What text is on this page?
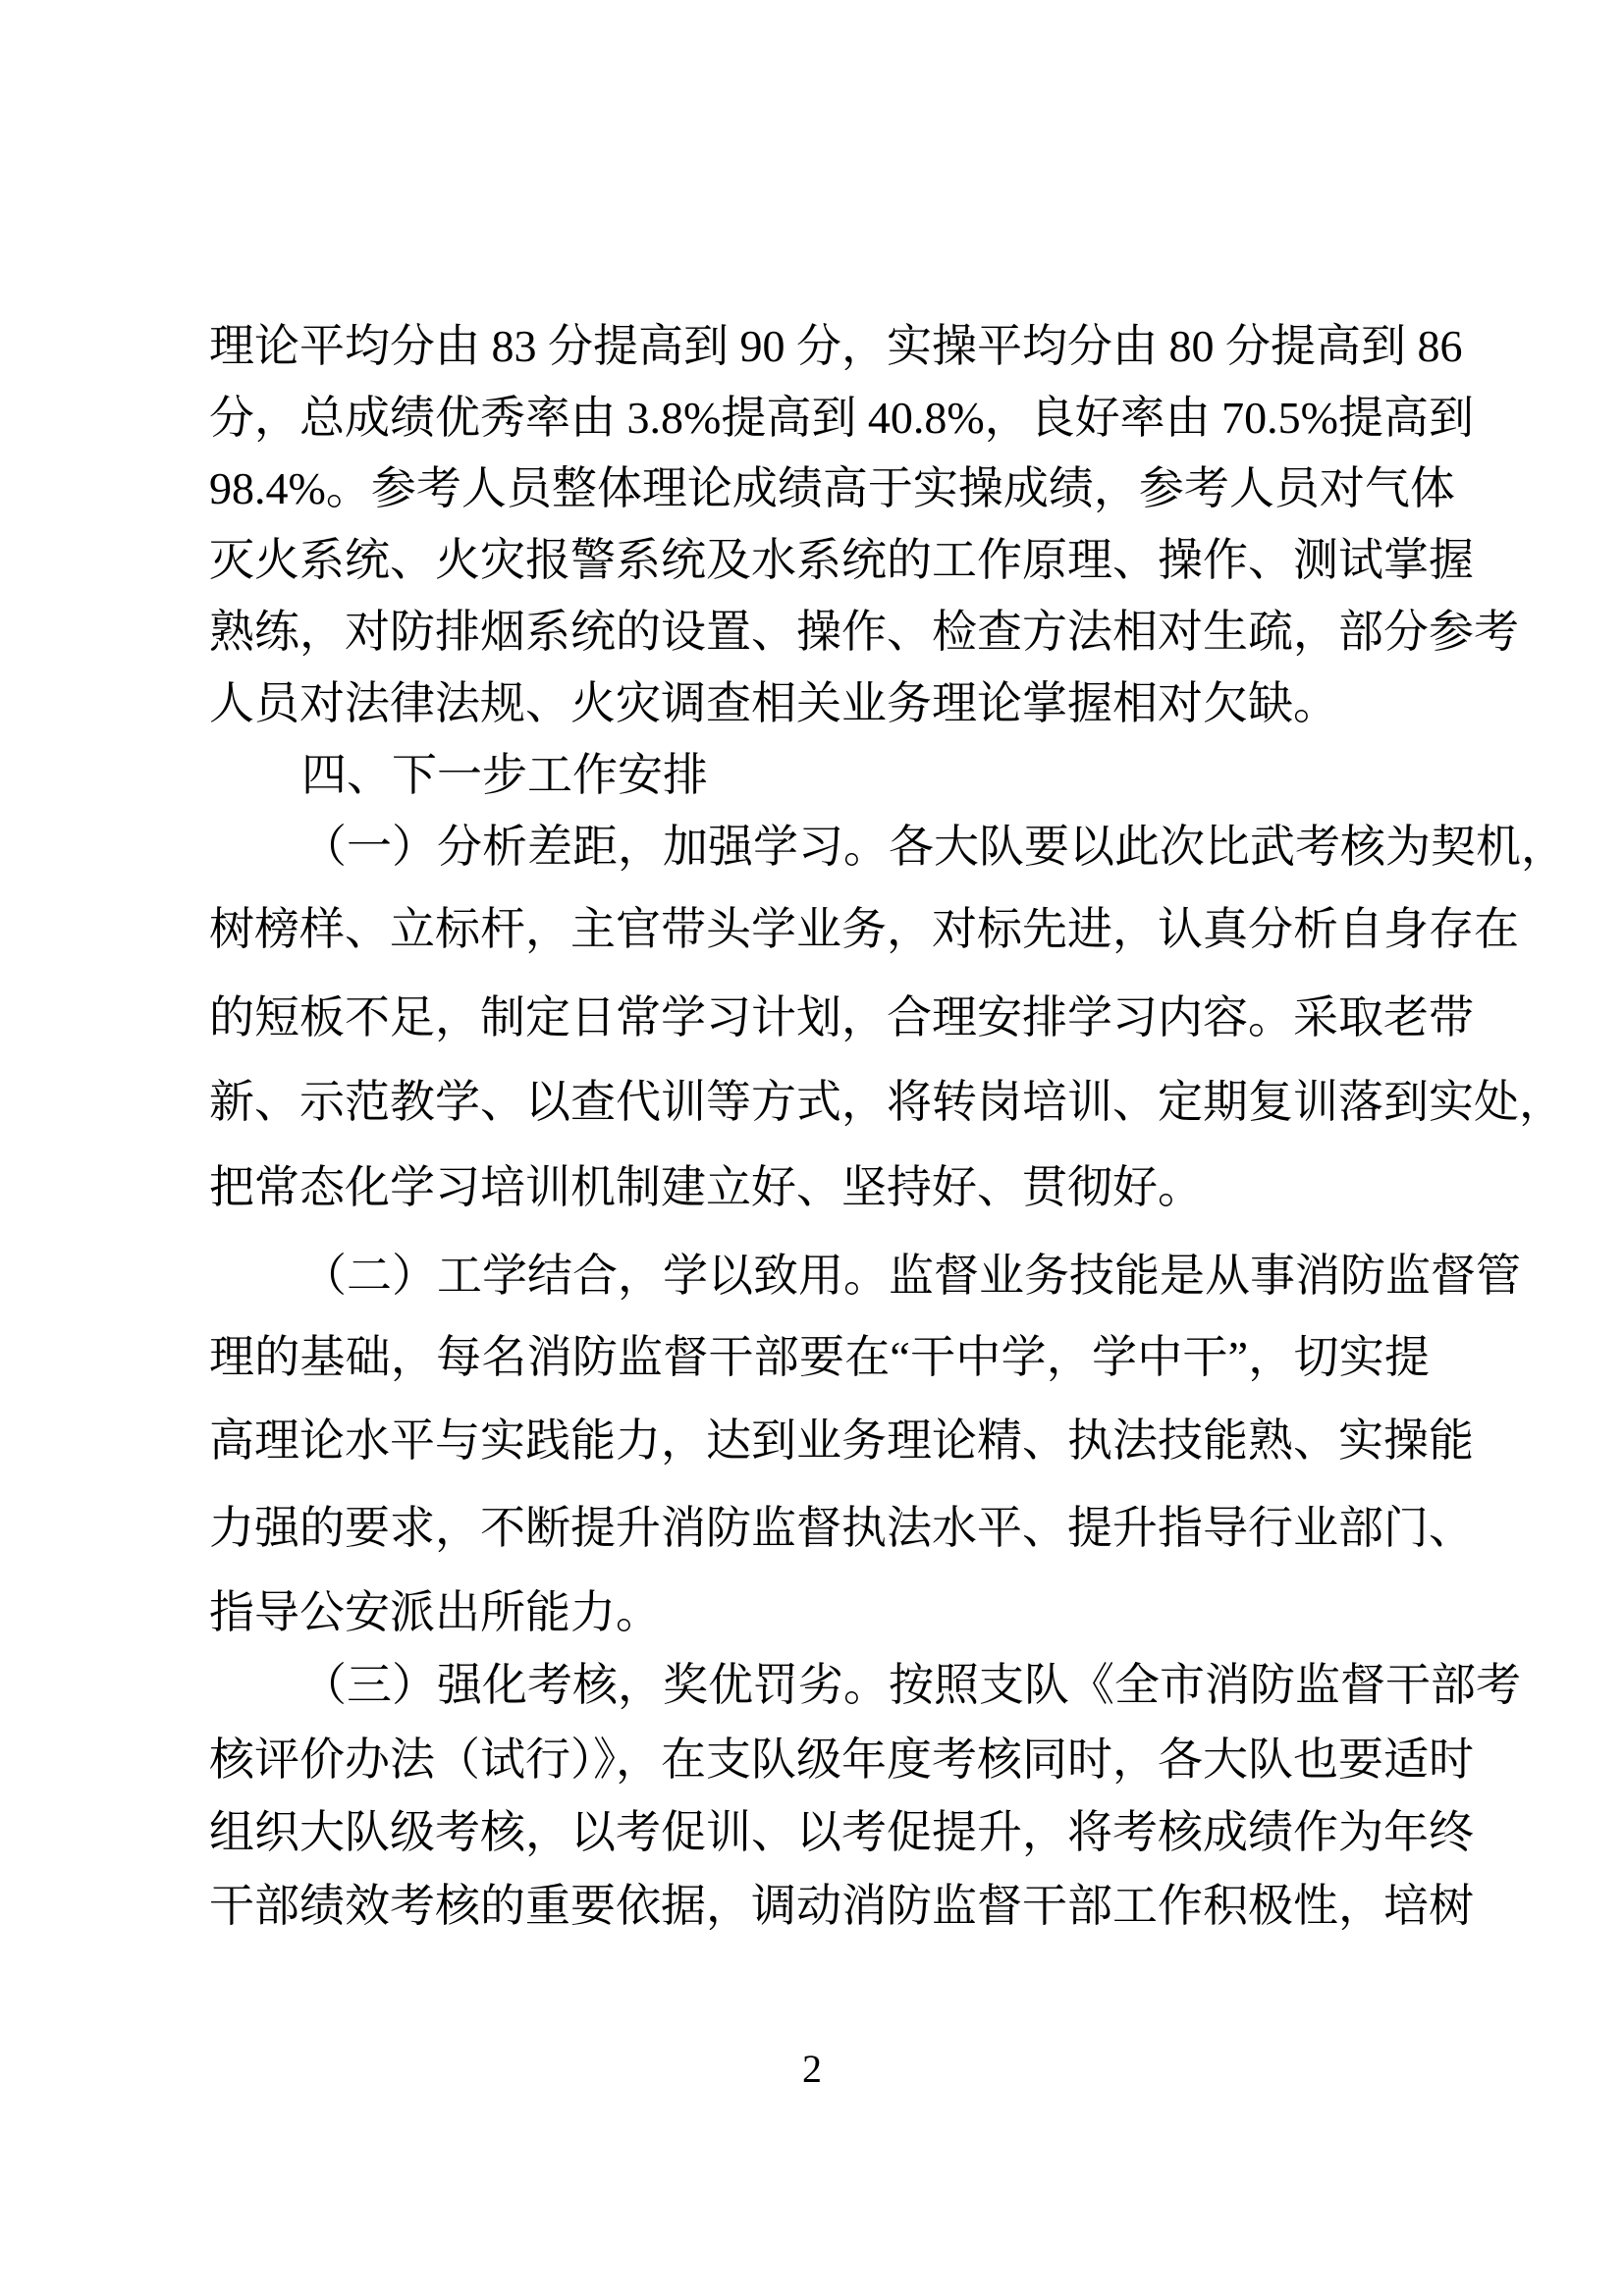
理论平均分由 83 分提高到 90 分，实操平均分由 80 分提高到 86
分，总成绩优秀率由 3.8%提高到 40.8%，良好率由 70.5%提高到
98.4%。参考人员整体理论成绩高于实操成绩，参考人员对气体
灭火系统、火灾报警系统及水系统的工作原理、操作、测试掌握
熟练，对防排烟系统的设置、操作、检查方法相对生疏，部分参考
人员对法律法规、火灾调查相关业务理论掌握相对欠缺。
四、下一步工作安排
（一）分析差距，加强学习。各大队要以此次比武考核为契机，
树榜样、立标杆，主官带头学业务，对标先进，认真分析自身存在
的短板不足，制定日常学习计划，合理安排学习内容。采取老带
新、示范教学、以查代训等方式，将转岗培训、定期复训落到实处，
把常态化学习培训机制建立好、坚持好、贯彻好。
（二）工学结合，学以致用。监督业务技能是从事消防监督管
理的基础，每名消防监督干部要在“干中学，学中干”，切实提
高理论水平与实践能力，达到业务理论精、执法技能熟、实操能
力强的要求，不断提升消防监督执法水平、提升指导行业部门、
指导公安派出所能力。
（三）强化考核，奖优罚劣。按照支队《全市消防监督干部考
核评价办法（试行）》，在支队级年度考核同时，各大队也要适时
组织大队级考核，以考促训、以考促提升，将考核成绩作为年终
干部绩效考核的重要依据，调动消防监督干部工作积极性，培树
2
